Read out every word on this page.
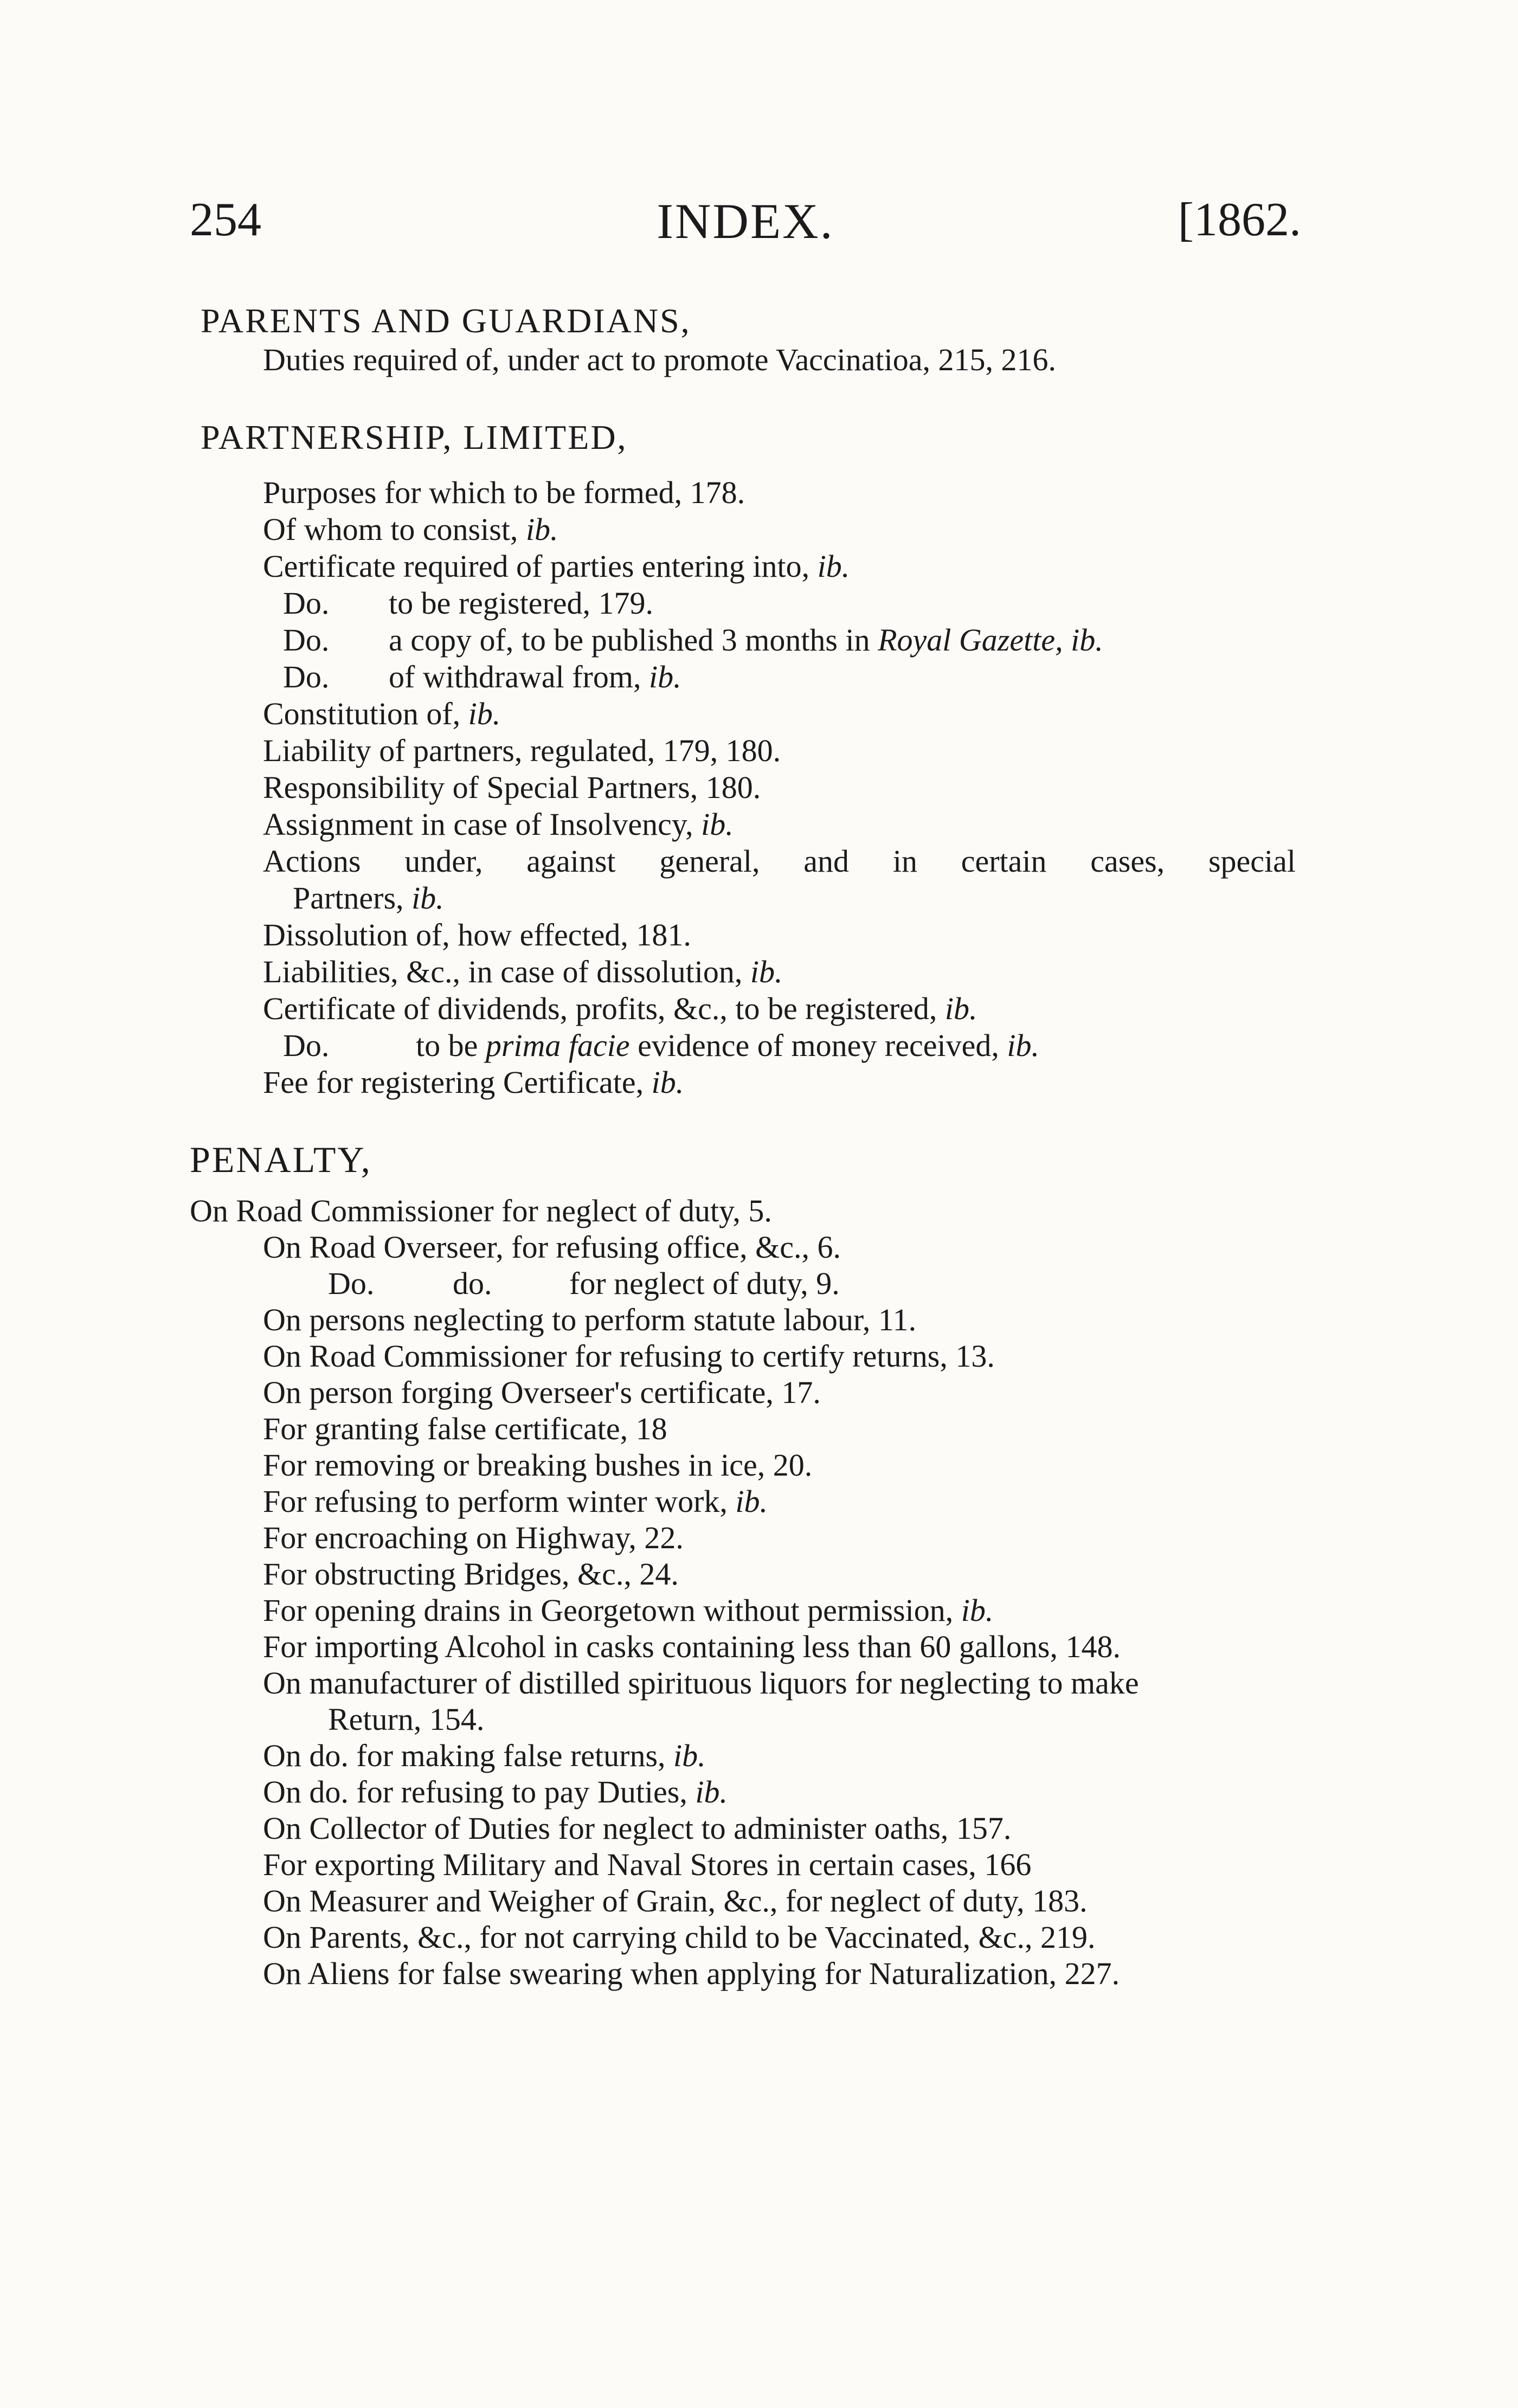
254	INDEX.	[1862.
PARENTS AND GUARDIANS,
Duties required of, under act to promote Vaccinatioa, 215, 216.
PARTNERSHIP, LIMITED,
Purposes for which to be formed, 178.
Of whom to consist, ib.
Certificate required of parties entering into, ib.
Do. to be registered, 179.
Do. a copy of, to be published 3 months in Royal Gazette, ib.
Do. of withdrawal from, ib.
Constitution of, ib.
Liability of partners, regulated, 179, 180.
Responsibility of Special Partners, 180.
Assignment in case of Insolvency, ib.
Actions under, against general, and in certain cases, special
Partners, ib.
Dissolution of, how effected, 181.
Liabilities, &c., in case of dissolution, ib.
Certificate of dividends, profits, &c., to be registered, ib.
Do.	to be prima facie evidence of money received, ib.
Fee for registering Certificate, ib.
PENALTY,
On Road Commissioner for neglect of duty, 5.
On Road Overseer, for refusing office, &c., 6.
Do. do. for neglect of duty, 9.
On persons neglecting to perform statute labour, 11.
On Road Commissioner for refusing to certify returns, 13.
On person forging Overseer's certificate, 17.
For granting false certificate, 18
For removing or breaking bushes in ice, 20.
For refusing to perform winter work, ib.
For encroaching on Highway, 22.
For obstructing Bridges, &c., 24.
For opening drains in Georgetown without permission, ib.
For importing Alcohol in casks containing less than 60 gallons, 148.
On manufacturer of distilled spirituous liquors for neglecting to make
Return, 154.
On do. for making false returns, ib.
On do. for refusing to pay Duties, ib.
On Collector of Duties for neglect to administer oaths, 157.
For exporting Military and Naval Stores in certain cases, 166
On Measurer and Weigher of Grain, &c., for neglect of duty, 183.
On Parents, &c., for not carrying child to be Vaccinated, &c., 219.
On Aliens for false swearing when applying for Naturalization, 227.
